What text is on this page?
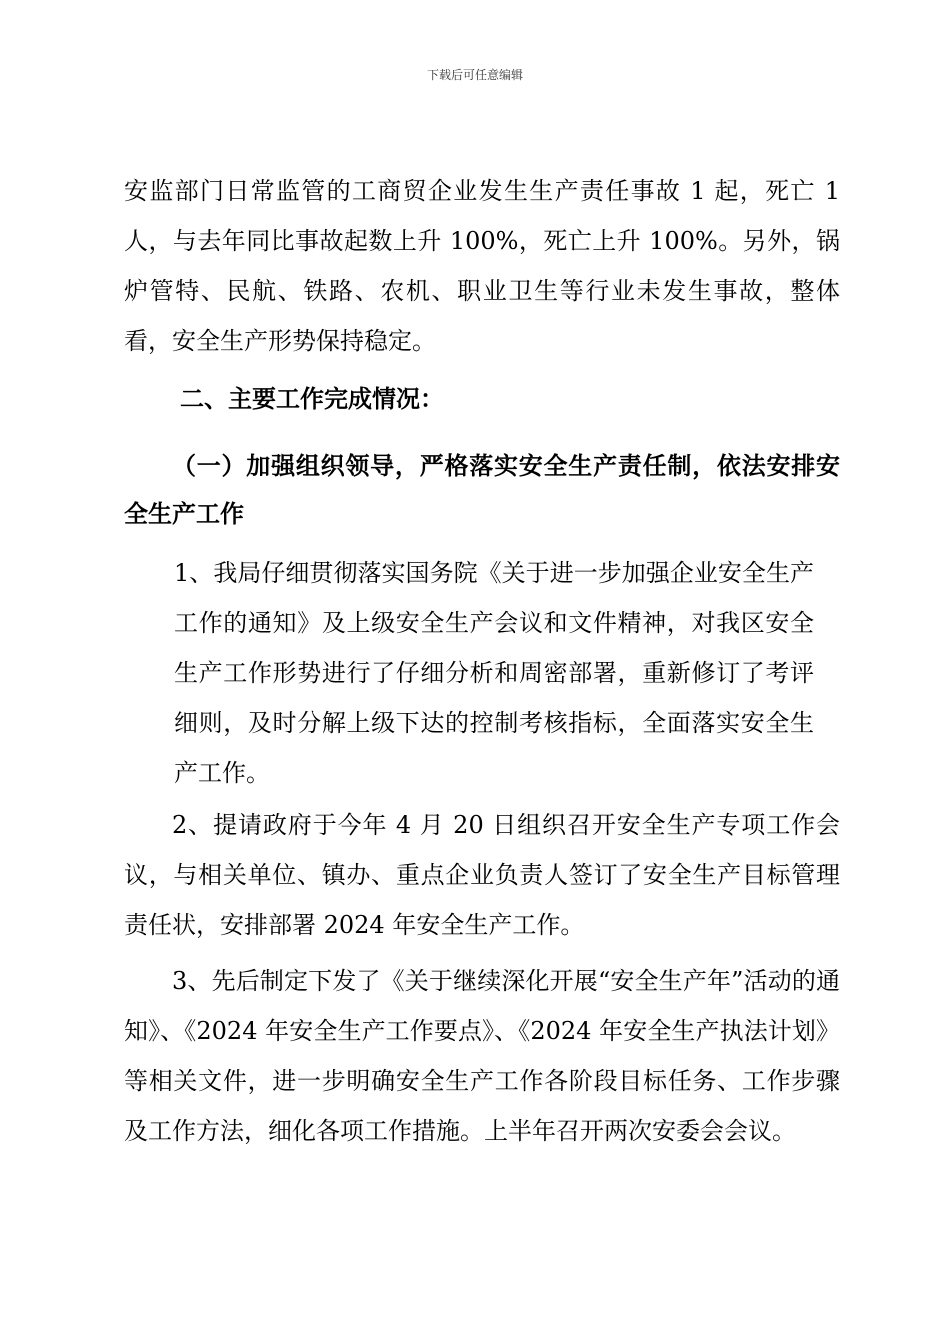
下载后可任意编辑

安监部门日常监管的工商贸企业发生生产责任事故 1 起，死亡 1 人，与去年同比事故起数上升 100%，死亡上升 100%。另外，锅炉管特、民航、铁路、农机、职业卫生等行业未发生事故，整体看，安全生产形势保持稳定。

二、主要工作完成情况：

（一）加强组织领导，严格落实安全生产责任制，依法安排安全生产工作

1、我局仔细贯彻落实国务院《关于进一步加强企业安全生产工作的通知》及上级安全生产会议和文件精神，对我区安全生产工作形势进行了仔细分析和周密部署，重新修订了考评细则，及时分解上级下达的控制考核指标，全面落实安全生产工作。

2、提请政府于今年 4 月 20 日组织召开安全生产专项工作会议，与相关单位、镇办、重点企业负责人签订了安全生产目标管理责任状，安排部署 2024 年安全生产工作。

3、先后制定下发了《关于继续深化开展“安全生产年”活动的通知》、《2024 年安全生产工作要点》、《2024 年安全生产执法计划》等相关文件，进一步明确安全生产工作各阶段目标任务、工作步骤及工作方法，细化各项工作措施。上半年召开两次安委会会议。
